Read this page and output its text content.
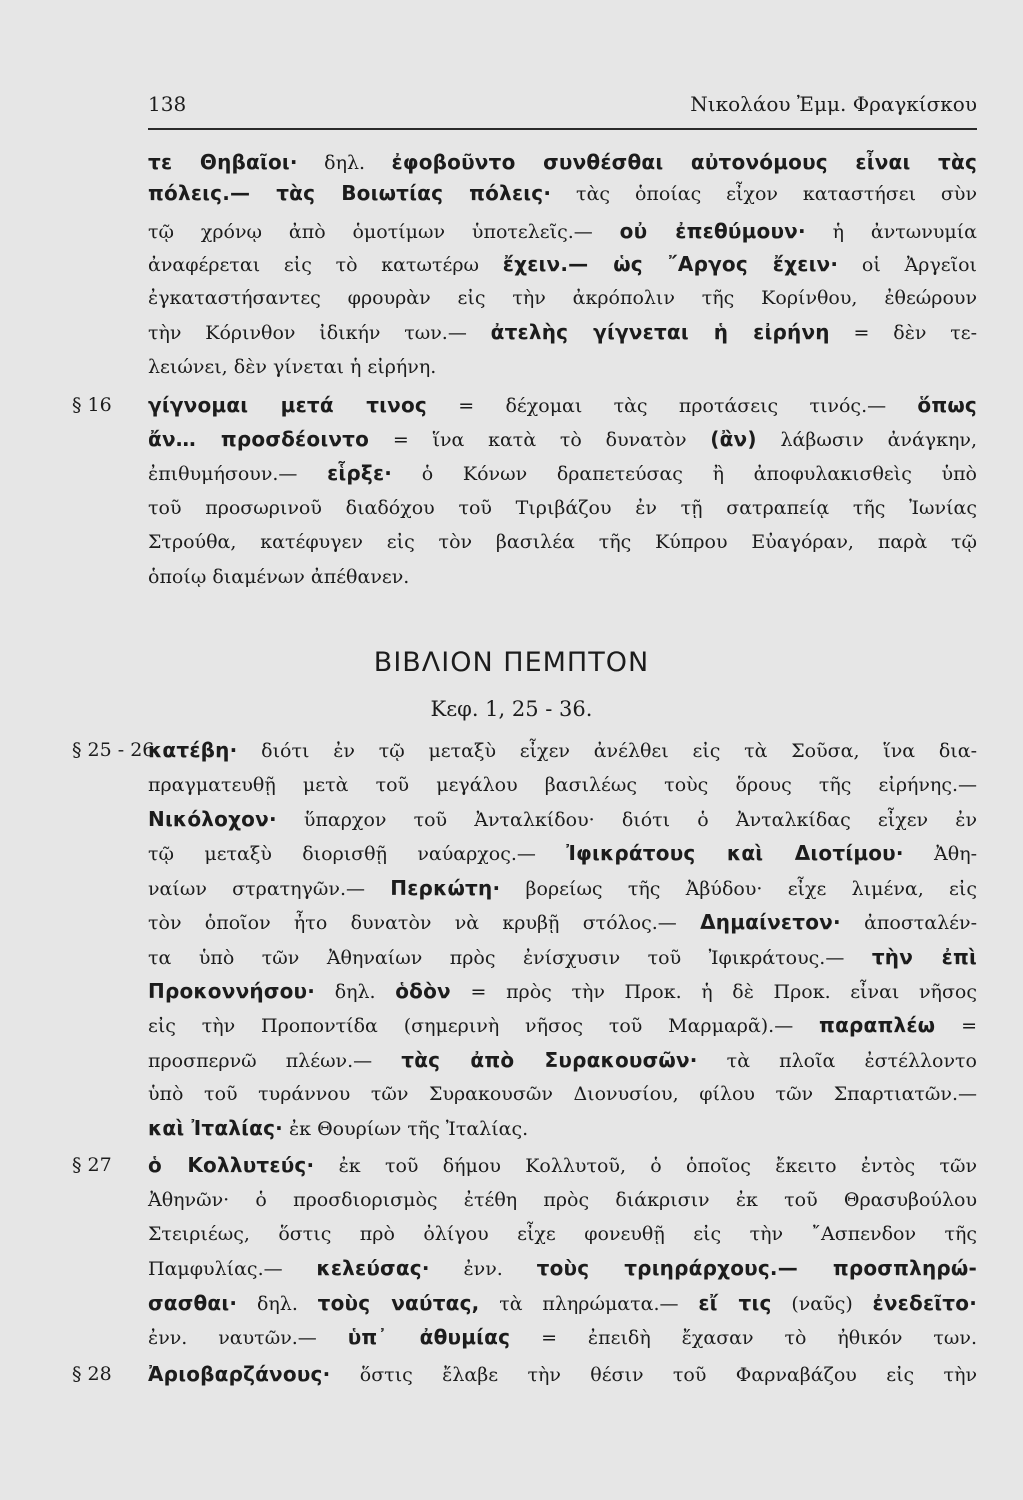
138	Νικολάου Ἐμμ. Φραγκίσκου
τε Θηβαῖοι· δηλ. ἐφοβοῦντο συνθέσθαι αὐτονόμους εἶναι τὰς
πόλεις.— τὰς Βοιωτίας πόλεις· τὰς ὁποίας εἶχον καταστήσει σὺν
τῷ χρόνῳ ἀπὸ ὁμοτίμων ὑποτελεῖς.— οὐ ἐπεθύμουν· ἡ ἀντωνυμία
ἀναφέρεται εἰς τὸ κατωτέρω ἔχειν.— ὡς ῎Αργος ἔχειν· οἱ Ἀργεῖοι
ἐγκαταστήσαντες φρουρὰν εἰς τὴν ἀκρόπολιν τῆς Κορίνθου, ἐθεώρουν
τὴν Κόρινθον ἰδικήν των.— ἀτελὴς γίγνεται ἡ εἰρήνη = δὲν τε-
λειώνει, δὲν γίνεται ἡ εἰρήνη.
γίγνομαι μετά τινος = δέχομαι τὰς προτάσεις τινός.— ὅπως
§ 16
ἄν… προσδέοιντο = ἵνα κατὰ τὸ δυνατὸν (ἂν) λάβωσιν ἀνάγκην,
ἐπιθυμήσουν.— εἷρξε· ὁ Κόνων δραπετεύσας ἢ ἀποφυλακισθεὶς ὑπὸ
τοῦ προσωρινοῦ διαδόχου τοῦ Τιριβάζου ἐν τῇ σατραπείᾳ τῆς Ἰωνίας
Στρούθα, κατέφυγεν εἰς τὸν βασιλέα τῆς Κύπρου Εὐαγόραν, παρὰ τῷ
ὁποίῳ διαμένων ἀπέθανεν.
κατέβη· διότι ἐν τῷ μεταξὺ εἶχεν ἀνέλθει εἰς τὰ Σοῦσα, ἵνα δια-
§ 25 - 26
πραγματευθῇ μετὰ τοῦ μεγάλου βασιλέως τοὺς ὅρους τῆς εἰρήνης.—
Νικόλοχον· ὕπαρχον τοῦ Ἀνταλκίδου· διότι ὁ Ἀνταλκίδας εἶχεν ἐν
τῷ μεταξὺ διορισθῇ ναύαρχος.— Ἰφικράτους καὶ Διοτίμου· Ἀθη-
ναίων στρατηγῶν.— Περκώτη· βορείως τῆς Ἀβύδου· εἶχε λιμένα, εἰς
τὸν ὁποῖον ἦτο δυνατὸν νὰ κρυβῇ στόλος.— Δημαίνετον· ἀποσταλέν-
τα ὑπὸ τῶν Ἀθηναίων πρὸς ἐνίσχυσιν τοῦ Ἰφικράτους.— τὴν ἐπὶ
Προκοννήσου· δηλ. ὁδὸν = πρὸς τὴν Προκ. ἡ δὲ Προκ. εἶναι νῆσος
εἰς τὴν Προποντίδα (σημερινὴ νῆσος τοῦ Μαρμαρᾶ).— παραπλέω =
προσπερνῶ πλέων.— τὰς ἀπὸ Συρακουσῶν· τὰ πλοῖα ἐστέλλοντο
ὑπὸ τοῦ τυράννου τῶν Συρακουσῶν Διονυσίου, φίλου τῶν Σπαρτιατῶν.—
καὶ Ἰταλίας· ἐκ Θουρίων τῆς Ἰταλίας.
ὁ Κολλυτεύς· ἐκ τοῦ δήμου Κολλυτοῦ, ὁ ὁποῖος ἔκειτο ἐντὸς τῶν
§ 27
Ἀθηνῶν· ὁ προσδιορισμὸς ἐτέθη πρὸς διάκρισιν ἐκ τοῦ Θρασυβούλου
Στειριέως, ὅστις πρὸ ὀλίγου εἶχε φονευθῇ εἰς τὴν ῎Ασπενδον τῆς
Παμφυλίας.— κελεύσας· ἐνν. τοὺς τριηράρχους.— προσπληρώ-
σασθαι· δηλ. τοὺς ναύτας, τὰ πληρώματα.— εἴ τις (ναῦς) ἐνεδεῖτο·
ἐνν. ναυτῶν.— ὑπ᾽ ἀθυμίας = ἐπειδὴ ἔχασαν τὸ ἠθικόν των.
Ἀριοβαρζάνους· ὅστις ἔλαβε τὴν θέσιν τοῦ Φαρναβάζου εἰς τὴν
§ 28
ΒΙΒΛΙΟΝ ΠΕΜΠΤΟΝ
Κεφ. 1, 25 - 36.
